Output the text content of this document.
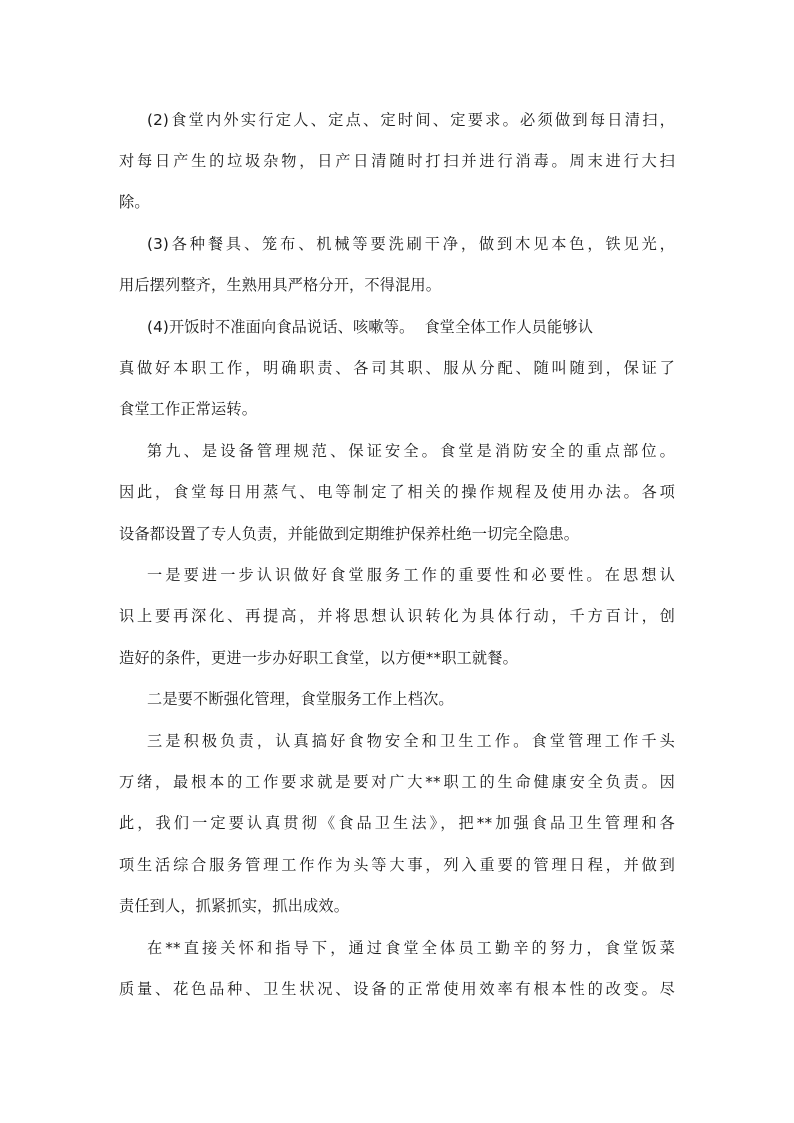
(2)食堂内外实行定人、定点、定时间、定要求。必须做到每日清扫，
对每日产生的垃圾杂物，日产日清随时打扫并进行消毒。周末进行大扫
除。
(3)各种餐具、笼布、机械等要洗刷干净，做到木见本色，铁见光，
用后摆列整齐，生熟用具严格分开，不得混用。
(4)开饭时不准面向食品说话、咳嗽等。  食堂全体工作人员能够认
真做好本职工作，明确职责、各司其职、服从分配、随叫随到，保证了
食堂工作正常运转。
第九、是设备管理规范、保证安全。食堂是消防安全的重点部位。
因此，食堂每日用蒸气、电等制定了相关的操作规程及使用办法。各项
设备都设置了专人负责，并能做到定期维护保养杜绝一切完全隐患。
一是要进一步认识做好食堂服务工作的重要性和必要性。在思想认
识上要再深化、再提高，并将思想认识转化为具体行动，千方百计，创
造好的条件，更进一步办好职工食堂，以方便**职工就餐。
二是要不断强化管理，食堂服务工作上档次。
三是积极负责，认真搞好食物安全和卫生工作。食堂管理工作千头
万绪，最根本的工作要求就是要对广大**职工的生命健康安全负责。因
此，我们一定要认真贯彻《食品卫生法》，把**加强食品卫生管理和各
项生活综合服务管理工作作为头等大事，列入重要的管理日程，并做到
责任到人，抓紧抓实，抓出成效。
在**直接关怀和指导下，通过食堂全体员工勤辛的努力，食堂饭菜
质量、花色品种、卫生状况、设备的正常使用效率有根本性的改变。尽
